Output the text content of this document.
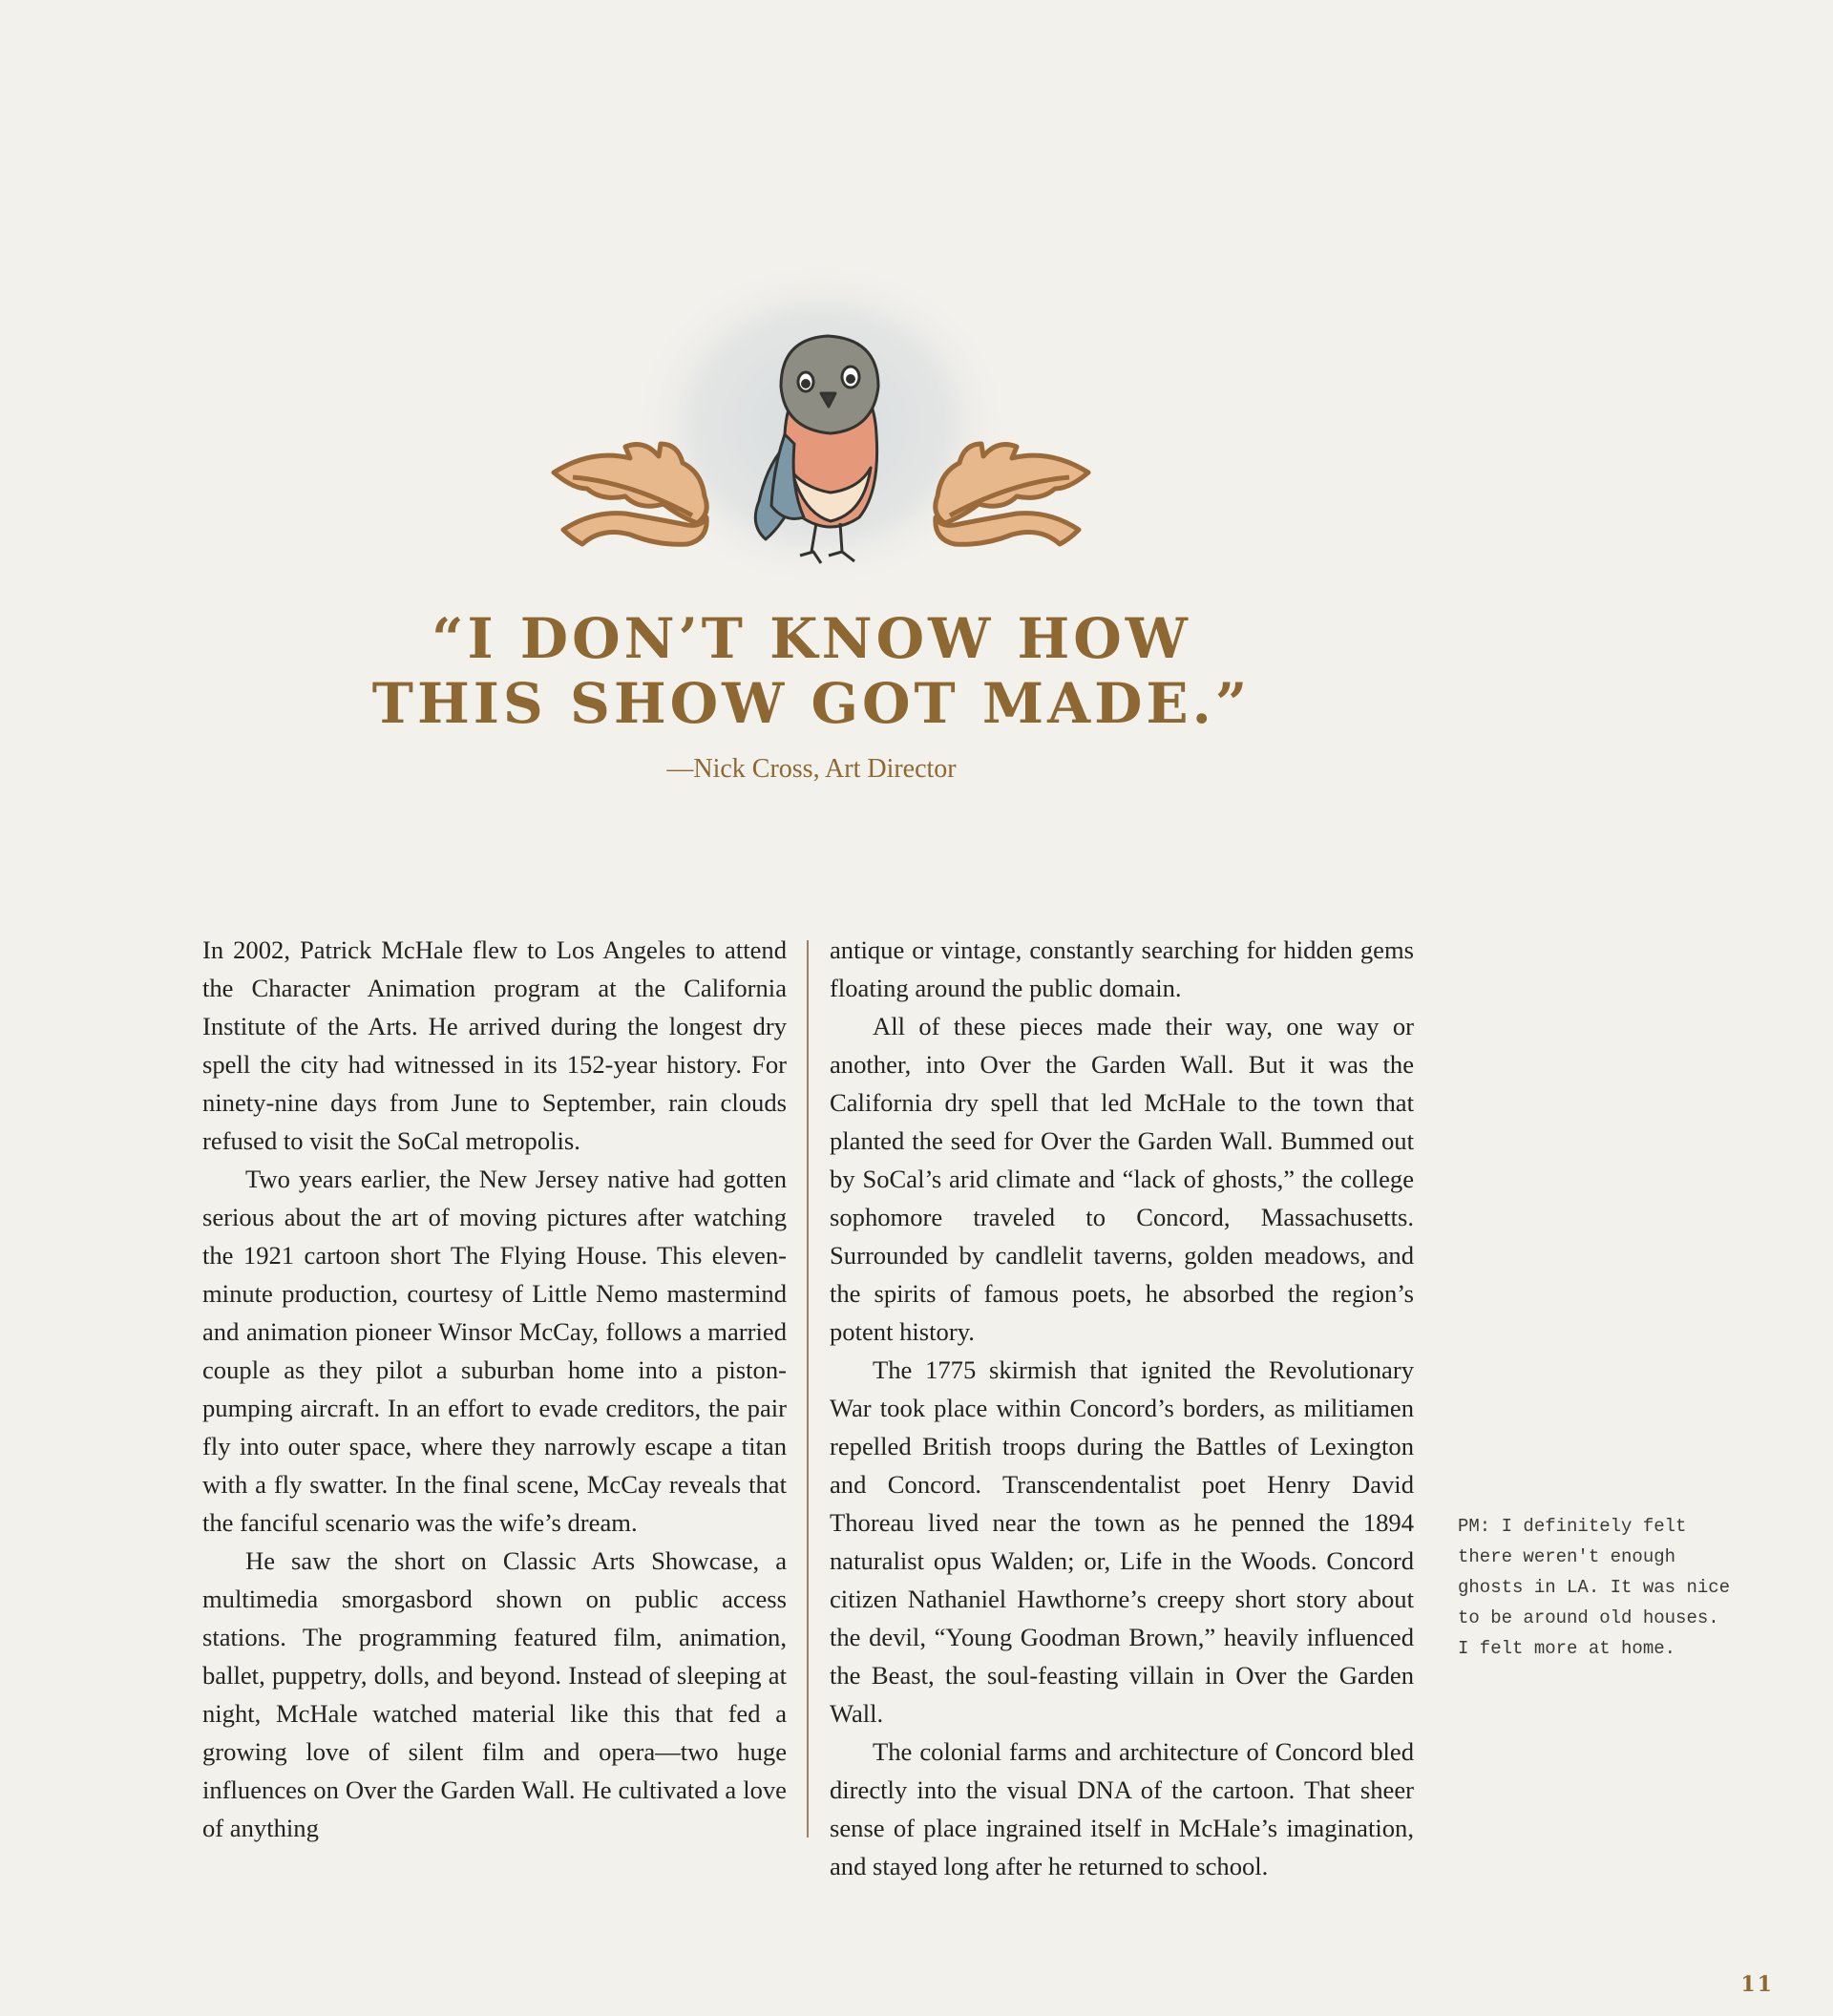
“I DON’T KNOW HOW
THIS SHOW GOT MADE.”
—Nick Cross, Art Director

In 2002, Patrick McHale flew to Los Angeles to attend the Character Animation program at the California Institute of the Arts. He arrived during the longest dry spell the city had witnessed in its 152-year history. For ninety-nine days from June to September, rain clouds refused to visit the SoCal metropolis.

Two years earlier, the New Jersey native had gotten serious about the art of moving pictures after watching the 1921 cartoon short The Flying House. This eleven-minute production, courtesy of Little Nemo mastermind and animation pioneer Winsor McCay, follows a married couple as they pilot a suburban home into a piston-pumping aircraft. In an effort to evade creditors, the pair fly into outer space, where they narrowly escape a titan with a fly swatter. In the final scene, McCay reveals that the fanciful scenario was the wife’s dream.

He saw the short on Classic Arts Showcase, a multimedia smorgasbord shown on public access stations. The programming featured film, animation, ballet, puppetry, dolls, and beyond. Instead of sleeping at night, McHale watched material like this that fed a growing love of silent film and opera—two huge influences on Over the Garden Wall. He cultivated a love of anything

antique or vintage, constantly searching for hidden gems floating around the public domain.

All of these pieces made their way, one way or another, into Over the Garden Wall. But it was the California dry spell that led McHale to the town that planted the seed for Over the Garden Wall. Bummed out by SoCal’s arid climate and “lack of ghosts,” the college sophomore traveled to Concord, Massachusetts. Surrounded by candlelit taverns, golden meadows, and the spirits of famous poets, he absorbed the region’s potent history.

The 1775 skirmish that ignited the Revolutionary War took place within Concord’s borders, as militiamen repelled British troops during the Battles of Lexington and Concord. Transcendentalist poet Henry David Thoreau lived near the town as he penned the 1894 naturalist opus Walden; or, Life in the Woods. Concord citizen Nathaniel Hawthorne’s creepy short story about the devil, “Young Goodman Brown,” heavily influenced the Beast, the soul-feasting villain in Over the Garden Wall.

The colonial farms and architecture of Concord bled directly into the visual DNA of the cartoon. That sheer sense of place ingrained itself in McHale’s imagination, and stayed long after he returned to school.

PM: I definitely felt
there weren't enough
ghosts in LA. It was nice
to be around old houses.
I felt more at home.
11
